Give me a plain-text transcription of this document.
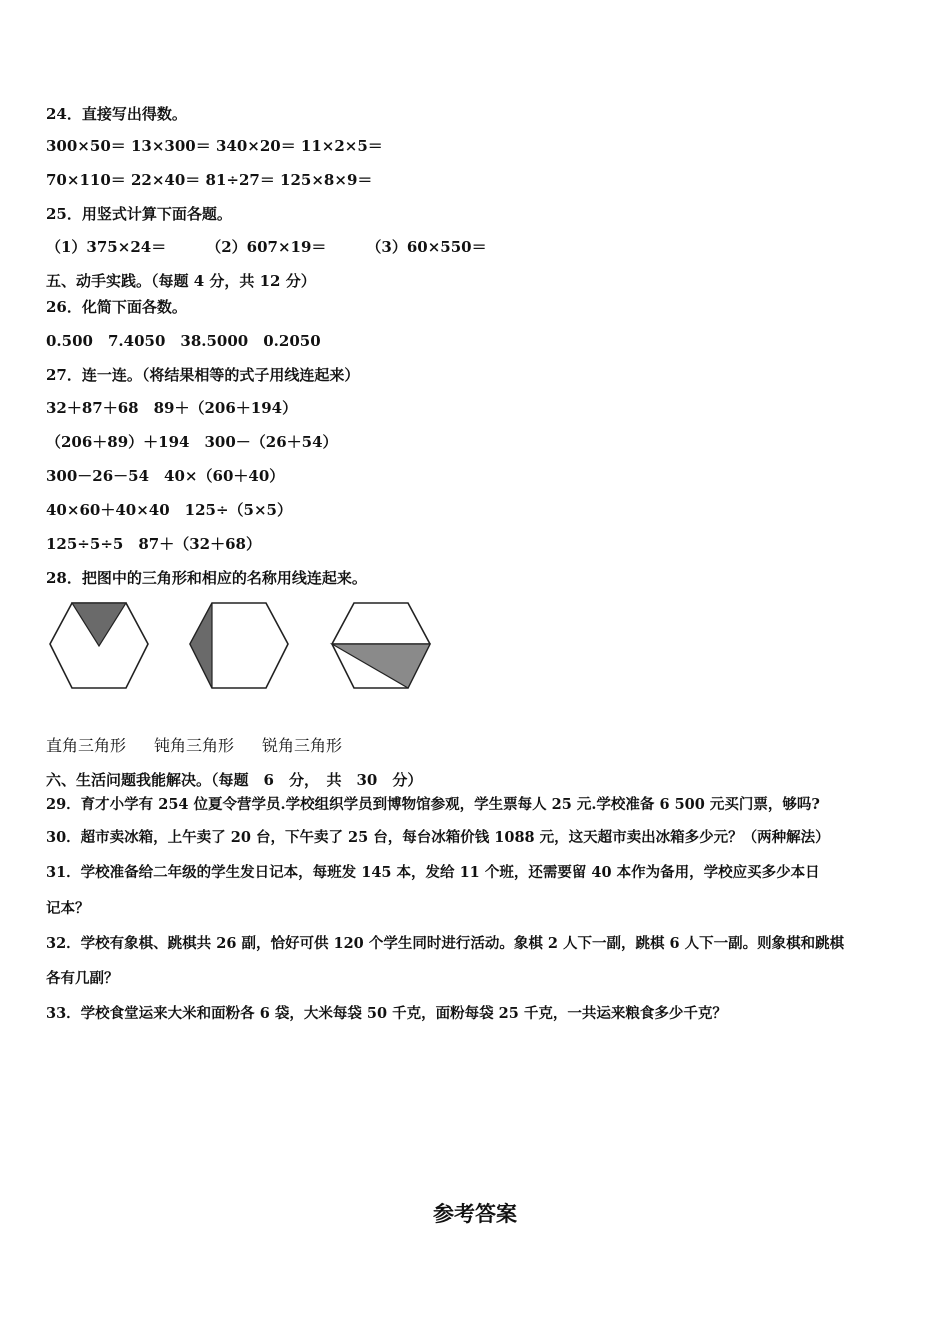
24．直接写出得数。
300×50＝ 13×300＝ 340×20＝ 11×2×5＝
70×110＝ 22×40＝ 81÷27＝ 125×8×9＝
25．用竖式计算下面各题。
（1）375×24＝	（2）607×19＝	（3）60×550＝
五、动手实践。（每题 4 分，共 12 分）
26．化简下面各数。
0.500　7.4050　38.5000　0.2050
27．连一连。（将结果相等的式子用线连起来）
32＋87＋68　89＋（206＋194）
（206＋89）＋194　300－（26＋54）
300－26－54　40×（60＋40）
40×60＋40×40　125÷（5×5）
125÷5÷5　87＋（32＋68）
28．把图中的三角形和相应的名称用线连起来。
直角三角形 钝角三角形 锐角三角形
六、生活问题我能解决。（每题　6　分，　共　30　分）
29．育才小学有 254 位夏令营学员.学校组织学员到博物馆参观，学生票每人 25 元.学校准备 6 500 元买门票，够吗?
30．超市卖冰箱，上午卖了 20 台，下午卖了 25 台，每台冰箱价钱 1088 元，这天超市卖出冰箱多少元？（两种解法）
31．学校准备给二年级的学生发日记本，每班发 145 本，发给 11 个班，还需要留 40 本作为备用，学校应买多少本日
记本？
32．学校有象棋、跳棋共 26 副，恰好可供 120 个学生同时进行活动。象棋 2 人下一副，跳棋 6 人下一副。则象棋和跳棋
各有几副？
33．学校食堂运来大米和面粉各 6 袋，大米每袋 50 千克，面粉每袋 25 千克，一共运来粮食多少千克？
参考答案
